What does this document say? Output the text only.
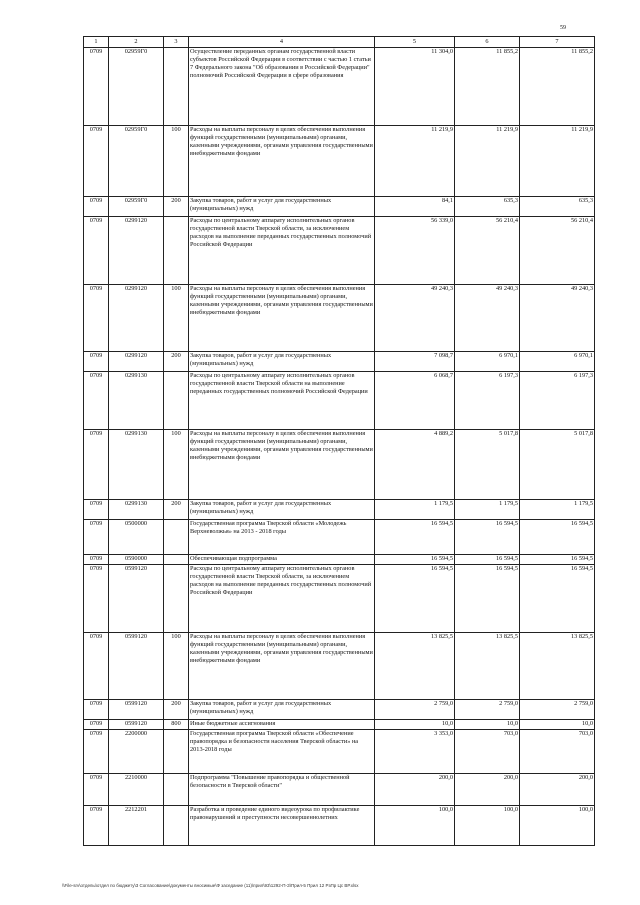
59
1	2	3	4	5	6	7
0709	02959Г0		Осуществление переданных органам государственной власти субъектов Российской Федерации в соответствии с частью 1 статьи 7 Федерального закона "Об образовании в Российской Федерации" полномочий Российской Федерации в сфере образования	11 304,0	11 855,2	11 855,2
0709	02959Г0	100	Расходы на выплаты персоналу в целях обеспечения выполнения функций государственными (муниципальными) органами, казенными учреждениями, органами управления государственными внебюджетными фондами	11 219,9	11 219,9	11 219,9
0709	02959Г0	200	Закупка товаров, работ и услуг для государственных (муниципальных) нужд	84,1	635,3	635,3
0709	0299120		Расходы по центральному аппарату исполнительных органов государственной власти Тверской области, за исключением расходов на выполнение переданных государственных полномочий Российской Федерации	56 339,0	56 210,4	56 210,4
0709	0299120	100	Расходы на выплаты персоналу в целях обеспечения выполнения функций государственными (муниципальными) органами, казенными учреждениями, органами управления государственными внебюджетными фондами	49 240,3	49 240,3	49 240,3
0709	0299120	200	Закупка товаров, работ и услуг для государственных (муниципальных) нужд	7 098,7	6 970,1	6 970,1
0709	0299130		Расходы по центральному аппарату исполнительных органов государственной власти Тверской области на выполнение переданных государственных полномочий Российской Федерации	6 068,7	6 197,3	6 197,3
0709	0299130	100	Расходы на выплаты персоналу в целях обеспечения выполнения функций государственными (муниципальными) органами, казенными учреждениями, органами управления государственными внебюджетными фондами	4 889,2	5 017,8	5 017,8
0709	0299130	200	Закупка товаров, работ и услуг для государственных (муниципальных) нужд	1 179,5	1 179,5	1 179,5
0709	0500000		Государственная программа Тверской области «Молодежь Верхневолжья» на 2013 - 2018 годы	16 594,5	16 594,5	16 594,5
0709	0590000		Обеспечивающая подпрограмма	16 594,5	16 594,5	16 594,5
0709	0599120		Расходы по центральному аппарату исполнительных органов государственной власти Тверской области, за исключением расходов на выполнение переданных государственных полномочий Российской Федерации	16 594,5	16 594,5	16 594,5
0709	0599120	100	Расходы на выплаты персоналу в целях обеспечения выполнения функций государственными (муниципальными) органами, казенными учреждениями, органами управления государственными внебюджетными фондами	13 825,5	13 825,5	13 825,5
0709	0599120	200	Закупка товаров, работ и услуг для государственных (муниципальных) нужд	2 759,0	2 759,0	2 759,0
0709	0599120	800	Иные бюджетные ассигнования	10,0	10,0	10,0
0709	2200000		Государственная программа Тверской области «Обеспечение правопорядка и безопасности населения Тверской области» на 2013-2018 годы	3 353,0	703,0	703,0
0709	2210000		Подпрограмма "Повышение правопорядка и общественной безопасности в Тверской области"	200,0	200,0	200,0
0709	2212201		Разработка и проведение единого видеоурока по профилактике правонарушений и преступности несовершеннолетних	100,0	100,0	100,0
\\File-srv\отделы\отдел по бюджету\3 Согласование\документы вносимые\Ф заседание (11)\прил\93\1292-П-З\Прил-5 Прил 12 РзПр Цс ВР.xlsx
